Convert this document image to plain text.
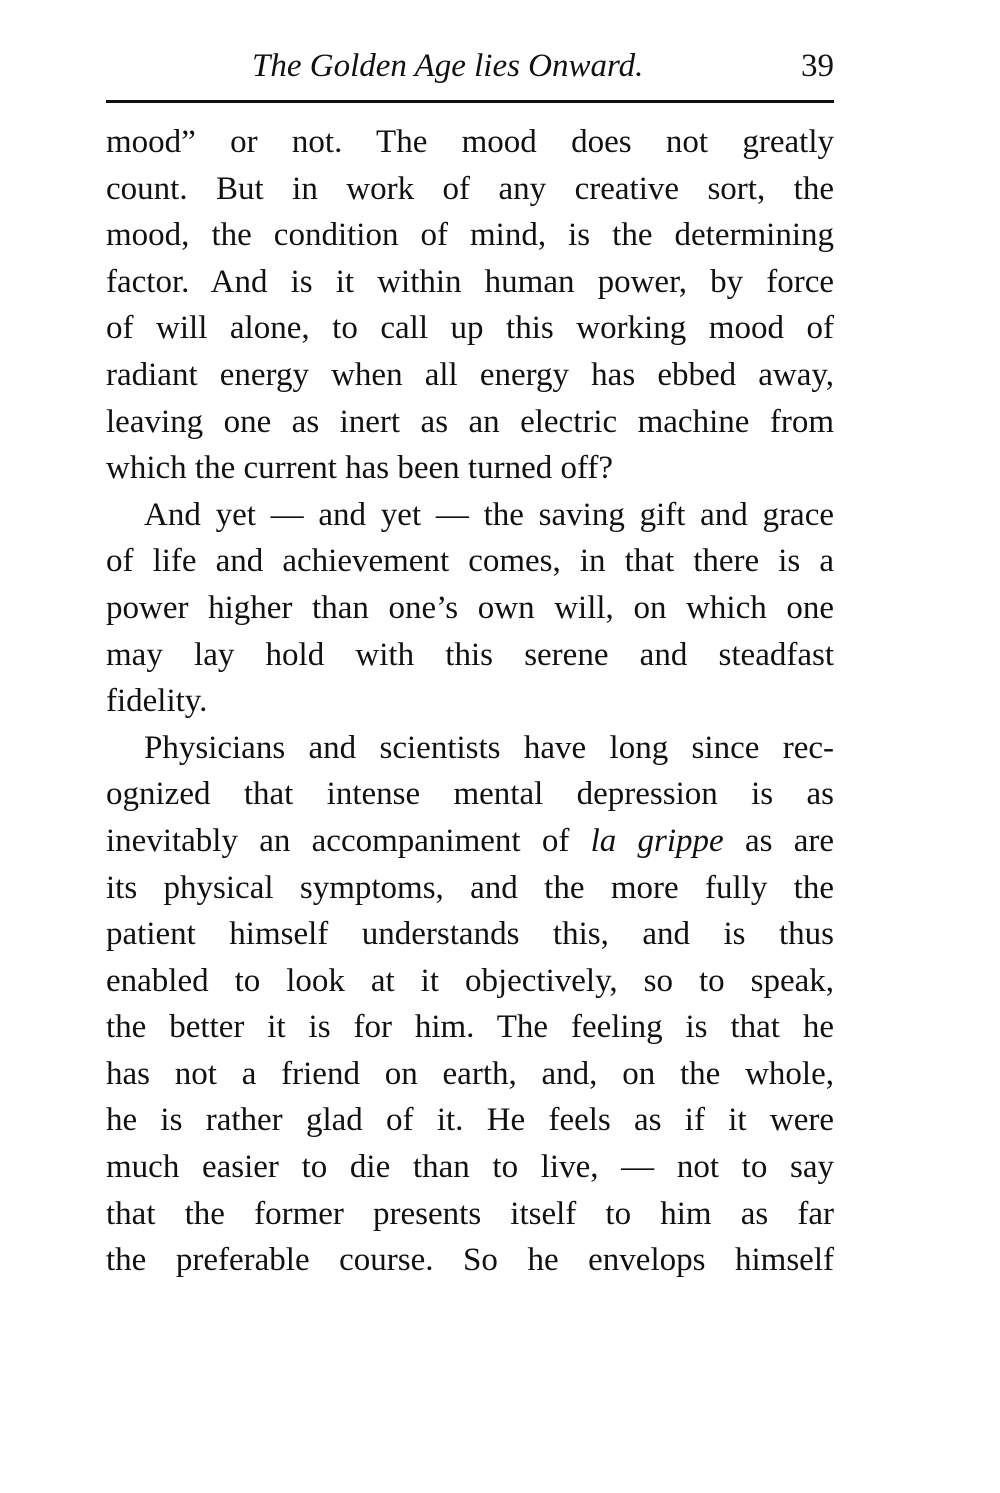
The Golden Age lies Onward.	39
mood” or not. The mood does not greatly
count. But in work of any creative sort, the
mood, the condition of mind, is the determining
factor. And is it within human power, by force
of will alone, to call up this working mood of
radiant energy when all energy has ebbed away,
leaving one as inert as an electric machine from
which the current has been turned off?
And yet — and yet — the saving gift and grace
of life and achievement comes, in that there is a
power higher than one’s own will, on which one
may lay hold with this serene and steadfast
fidelity.
Physicians and scientists have long since rec-
ognized that intense mental depression is as
inevitably an accompaniment of la grippe as are
its physical symptoms, and the more fully the
patient himself understands this, and is thus
enabled to look at it objectively, so to speak,
the better it is for him. The feeling is that he
has not a friend on earth, and, on the whole,
he is rather glad of it. He feels as if it were
much easier to die than to live, — not to say
that the former presents itself to him as far
the preferable course. So he envelops himself
